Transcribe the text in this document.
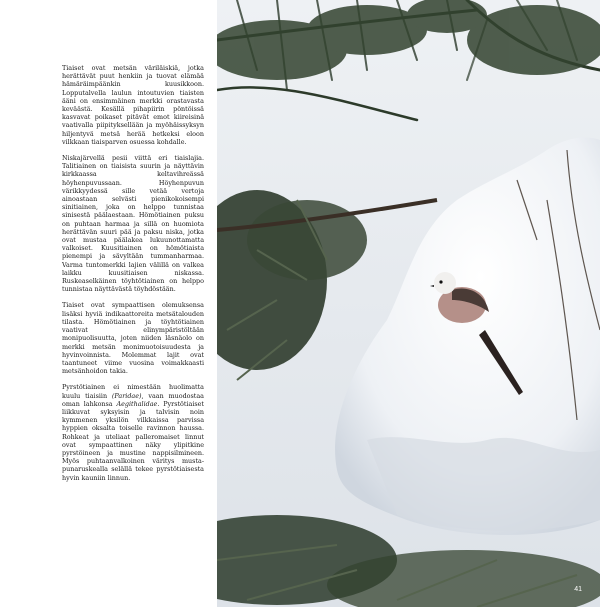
Tiaiset ovat metsän väriläiskiä, jotka herättävät puut henkiin ja tuovat elämää hämäräimpäänkin kuusikkoon. Lopputalvella laulun intoutuvien tiaisten ääni on ensimmäinen merkki orastavasta keväästä. Kesällä pihapiirin pöntöissä kasvavat poikaset pitävät emot kiireisinä vaativalla piipityksellään ja myöhäissyksyn hiljentyvä metsä herää hetkeksi eloon vilkkaan tiaisparven osuessa kohdalle.

Niskajärvellä pesii viittä eri tiaislajia. Talitiainen on tiaisista suurin ja näyttävin kirkkaassa keltavihreässä höyhenpuvussaan. Höyhenpuvun värikkyydessä sille vetää vertoja ainoastaan selvästi pienikokoisempi sinitiainen, joka on helppo tunnistaa sinisestä päälaestaan. Hömötiainen puksu on puhtaan harmaa ja sillä on huomiota herättävän suuri pää ja paksu niska, jotka ovat mustaa päälakea lukuunottamatta valkoiset. Kuusitiainen on hömötiaista pienempi ja sävyltään tummanharmaa. Varma tuntomerkki lajien välillä on valkea laikku kuusitiaisen niskassa. Ruskeaselkäinen töyhtötiainen on helppo tunnistaa näyttävästä töyhdöstään.

Tiaiset ovat sympaattisen olemuksensa lisäksi hyviä indikaattoreita metsätalouden tilasta. Hömötiainen ja töyhtötiainen vaativat elinympäristöltään monipuolisuutta, joten niiden läsnäolo on merkki metsän monimuotoisuudesta ja hyvinvoinnista. Molemmat lajit ovat taantuneet viime vuosina voimakkaasti metsänhoidon takia.

Pyrstötiainen ei nimestään huolimatta kuulu tiaisiin (Paridae), vaan muodostaa oman lahkonsa Aegithalidae. Pyrstötiaiset liikkuvat syksyisin ja talvisin noin kymmenen yksilön vilkkaissa parvissa hyppien oksalta toiselle ravinnon haussa. Rohkeat ja uteliaat palleromaiset linnut ovat sympaattinen näky ylipitkine pyrstöineen ja mustine nappisilmineen. Myös puhtaanvalkoinen väritys musta-punaruskealla selällä tekee pyrstötiaisesta hyvin kauniin linnun.

41
